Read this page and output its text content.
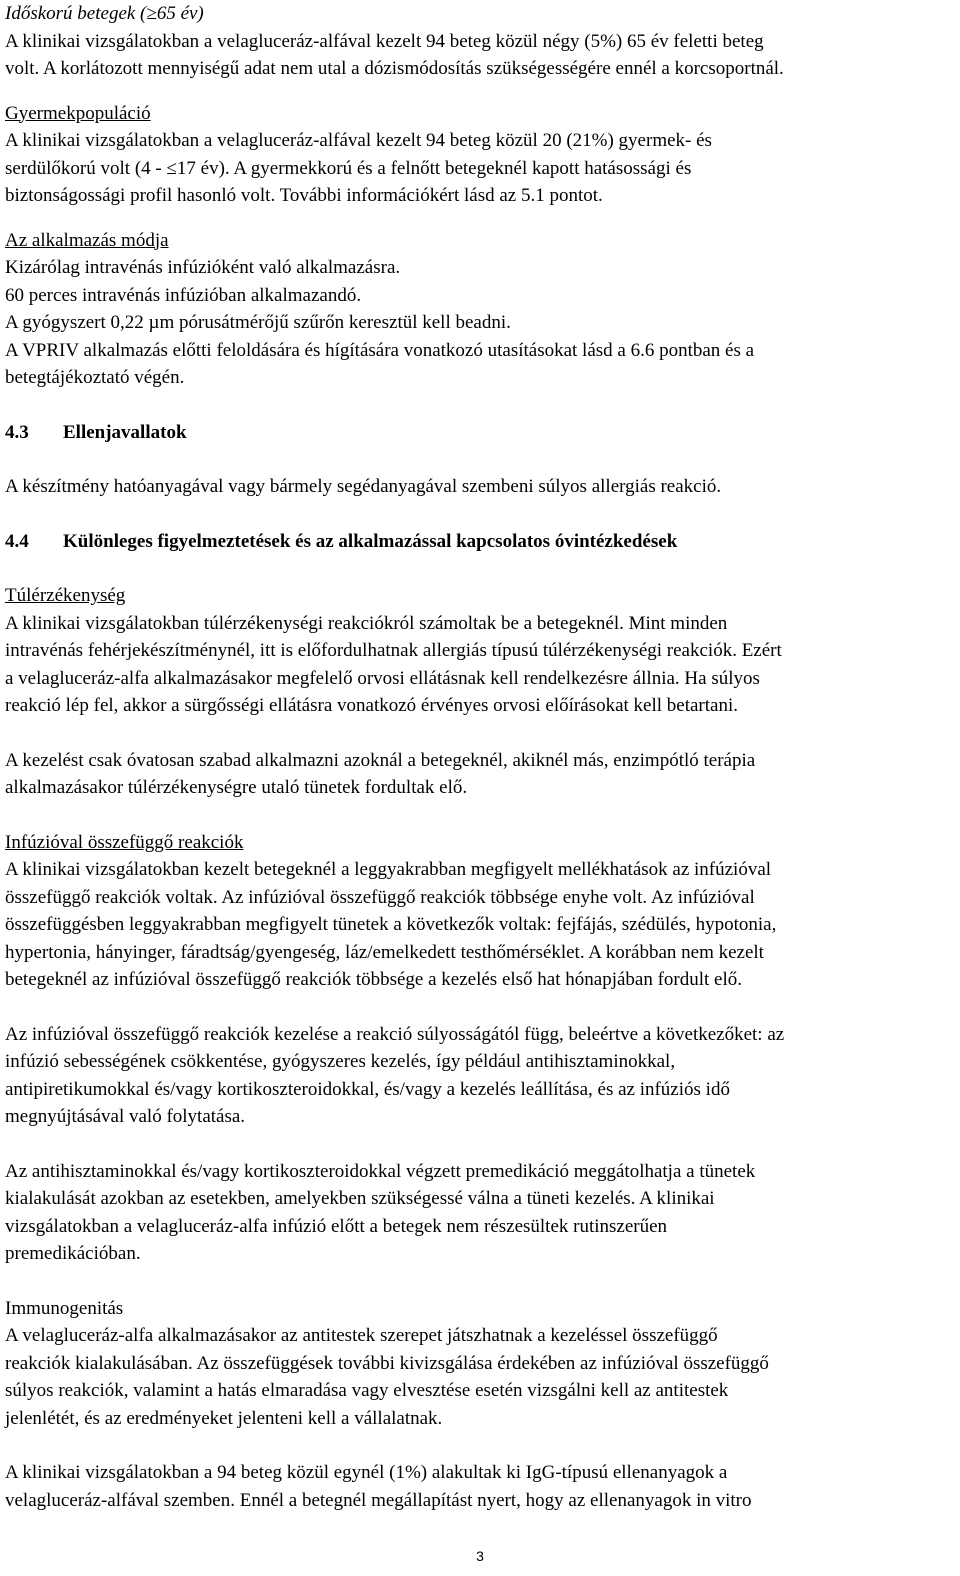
Időskorú betegek (≥65 év)

A klinikai vizsgálatokban a velagluceráz-alfával kezelt 94 beteg közül négy (5%) 65 év feletti beteg

volt. A korlátozott mennyiségű adat nem utal a dózismódosítás szükségességére ennél a korcsoportnál.

Gyermekpopuláció

A klinikai vizsgálatokban a velagluceráz-alfával kezelt 94 beteg közül 20 (21%) gyermek- és

serdülőkorú volt (4 - ≤17 év). A gyermekkorú és a felnőtt betegeknél kapott hatásossági és

biztonságossági profil hasonló volt. További információkért lásd az 5.1 pontot.

Az alkalmazás módja

Kizárólag intravénás infúzióként való alkalmazásra.

60 perces intravénás infúzióban alkalmazandó.

A gyógyszert 0,22 µm pórusátmérőjű szűrőn keresztül kell beadni.

A VPRIV alkalmazás előtti feloldására és hígítására vonatkozó utasításokat lásd a 6.6 pontban és a

betegtájékoztató végén.

4.3 Ellenjavallatok

A készítmény hatóanyagával vagy bármely segédanyagával szembeni súlyos allergiás reakció.

4.4 Különleges figyelmeztetések és az alkalmazással kapcsolatos óvintézkedések

Túlérzékenység

A klinikai vizsgálatokban túlérzékenységi reakciókról számoltak be a betegeknél. Mint minden

intravénás fehérjekészítménynél, itt is előfordulhatnak allergiás típusú túlérzékenységi reakciók. Ezért

a velagluceráz-alfa alkalmazásakor megfelelő orvosi ellátásnak kell rendelkezésre állnia. Ha súlyos

reakció lép fel, akkor a sürgősségi ellátásra vonatkozó érvényes orvosi előírásokat kell betartani.

A kezelést csak óvatosan szabad alkalmazni azoknál a betegeknél, akiknél más, enzimpótló terápia

alkalmazásakor túlérzékenységre utaló tünetek fordultak elő.

Infúzióval összefüggő reakciók

A klinikai vizsgálatokban kezelt betegeknél a leggyakrabban megfigyelt mellékhatások az infúzióval

összefüggő reakciók voltak. Az infúzióval összefüggő reakciók többsége enyhe volt. Az infúzióval

összefüggésben leggyakrabban megfigyelt tünetek a következők voltak: fejfájás, szédülés, hypotonia,

hypertonia, hányinger, fáradtság/gyengeség, láz/emelkedett testhőmérséklet. A korábban nem kezelt

betegeknél az infúzióval összefüggő reakciók többsége a kezelés első hat hónapjában fordult elő.

Az infúzióval összefüggő reakciók kezelése a reakció súlyosságától függ, beleértve a következőket: az

infúzió sebességének csökkentése, gyógyszeres kezelés, így például antihisztaminokkal,

antipiretikumokkal és/vagy kortikoszteroidokkal, és/vagy a kezelés leállítása, és az infúziós idő

megnyújtásával való folytatása.

Az antihisztaminokkal és/vagy kortikoszteroidokkal végzett premedikáció meggátolhatja a tünetek

kialakulását azokban az esetekben, amelyekben szükségessé válna a tüneti kezelés. A klinikai

vizsgálatokban a velagluceráz-alfa infúzió előtt a betegek nem részesültek rutinszerűen

premedikációban.

Immunogenitás

A velagluceráz-alfa alkalmazásakor az antitestek szerepet játszhatnak a kezeléssel összefüggő

reakciók kialakulásában. Az összefüggések további kivizsgálása érdekében az infúzióval összefüggő

súlyos reakciók, valamint a hatás elmaradása vagy elvesztése esetén vizsgálni kell az antitestek

jelenlétét, és az eredményeket jelenteni kell a vállalatnak.

A klinikai vizsgálatokban a 94 beteg közül egynél (1%) alakultak ki IgG-típusú ellenanyagok a

velagluceráz-alfával szemben. Ennél a betegnél megállapítást nyert, hogy az ellenanyagok in vitro

3
